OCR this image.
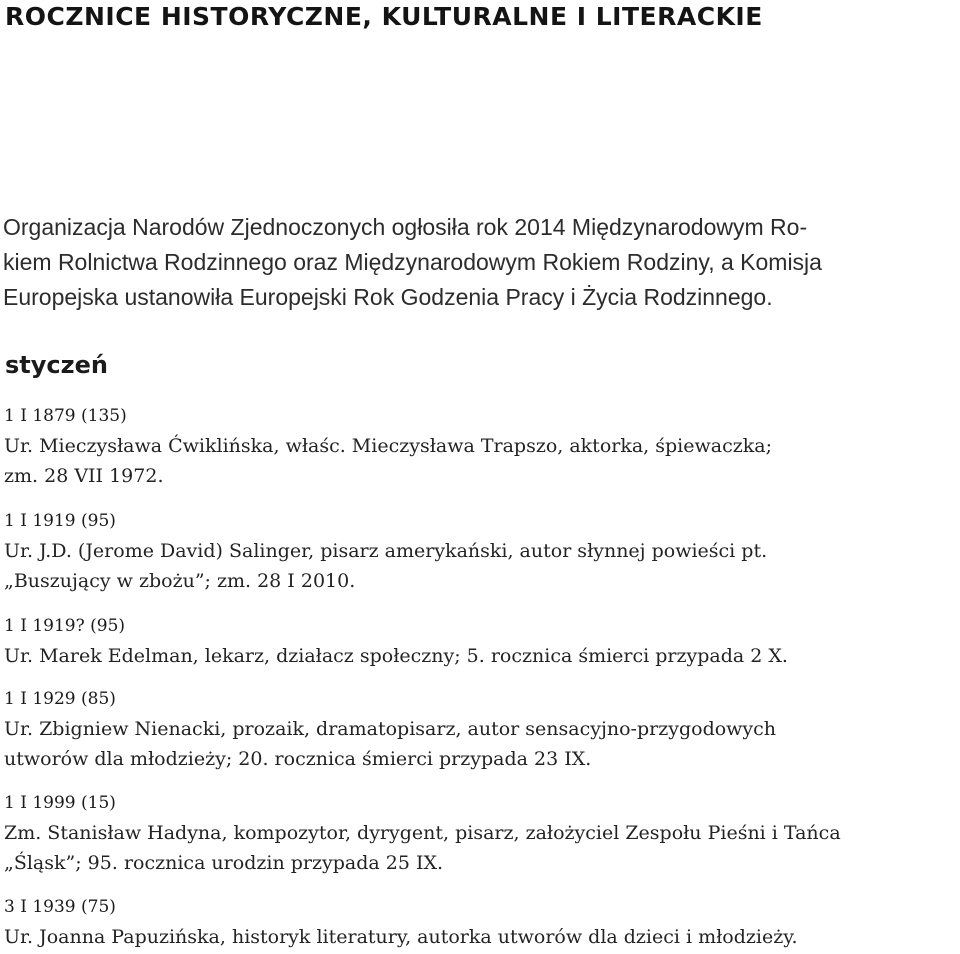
ROCZNICE HISTORYCZNE, KULTURALNE I LITERACKIE
Organizacja Narodów Zjednoczonych ogłosiła rok 2014 Międzynarodowym Ro-
kiem Rolnictwa Rodzinnego oraz Międzynarodowym Rokiem Rodziny, a Komisja
Europejska ustanowiła Europejski Rok Godzenia Pracy i Życia Rodzinnego.
styczeń
1 I 1879 (135)
Ur. Mieczysława Ćwiklińska, właśc. Mieczysława Trapszo, aktorka, śpiewaczka;
zm. 28 VII 1972.
1 I 1919 (95)
Ur. J.D. (Jerome David) Salinger, pisarz amerykański, autor słynnej powieści pt.
„Buszujący w zbożu”; zm. 28 I 2010.
1 I 1919? (95)
Ur. Marek Edelman, lekarz, działacz społeczny; 5. rocznica śmierci przypada 2 X.
1 I 1929 (85)
Ur. Zbigniew Nienacki, prozaik, dramatopisarz, autor sensacyjno-przygodowych
utworów dla młodzieży; 20. rocznica śmierci przypada 23 IX.
1 I 1999 (15)
Zm. Stanisław Hadyna, kompozytor, dyrygent, pisarz, założyciel Zespołu Pieśni i Tańca
„Śląsk”; 95. rocznica urodzin przypada 25 IX.
3 I 1939 (75)
Ur. Joanna Papuzińska, historyk literatury, autorka utworów dla dzieci i młodzieży.
